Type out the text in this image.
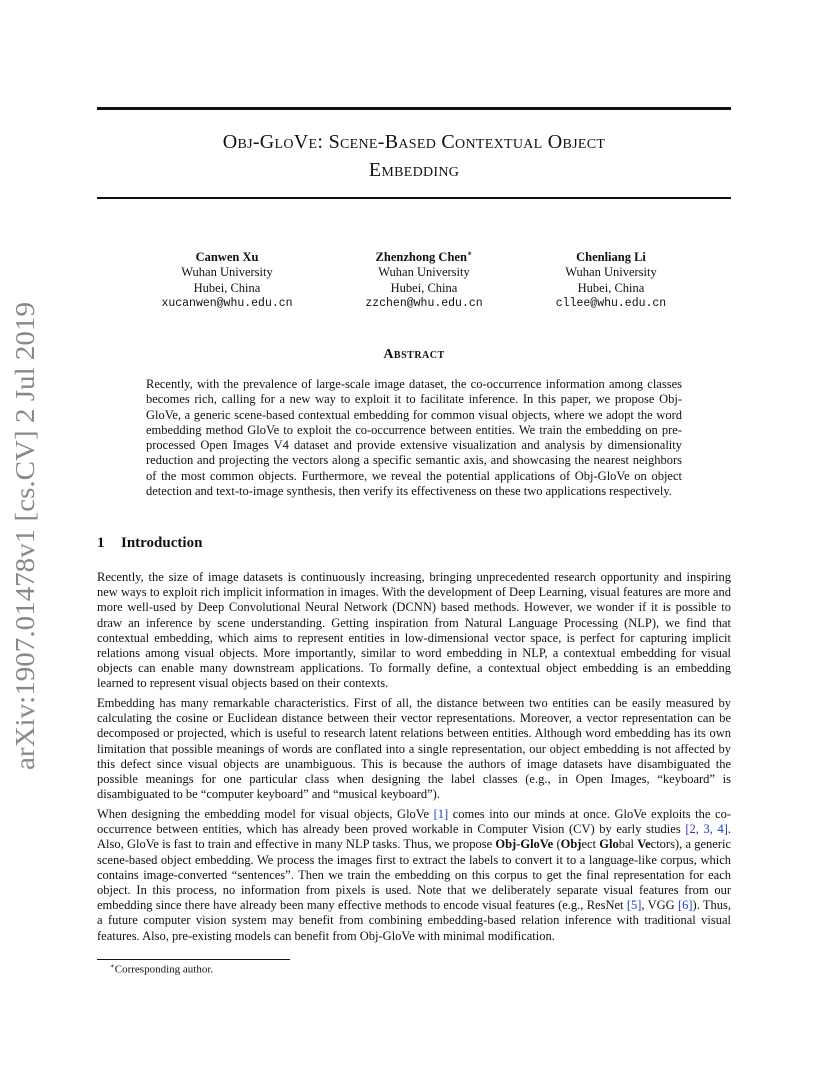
arXiv:1907.01478v1 [cs.CV] 2 Jul 2019
Obj-GloVe: Scene-Based Contextual Object
Embedding
Canwen Xu
Wuhan University
Hubei, China
xucanwen@whu.edu.cn
Zhenzhong Chen∗
Wuhan University
Hubei, China
zzchen@whu.edu.cn
Chenliang Li
Wuhan University
Hubei, China
cllee@whu.edu.cn
Abstract

Recently, with the prevalence of large-scale image dataset, the co-occurrence information among classes becomes rich, calling for a new way to exploit it to facilitate inference. In this paper, we propose Obj-GloVe, a generic scene-based contextual embedding for common visual objects, where we adopt the word embedding method GloVe to exploit the co-occurrence between entities. We train the embedding on pre-processed Open Images V4 dataset and provide extensive visualization and analysis by dimensionality reduction and projecting the vectors along a specific semantic axis, and showcasing the nearest neighbors of the most common objects. Furthermore, we reveal the potential applications of Obj-GloVe on object detection and text-to-image synthesis, then verify its effectiveness on these two applications respectively.

1 Introduction

Recently, the size of image datasets is continuously increasing, bringing unprecedented research opportunity and inspiring new ways to exploit rich implicit information in images. With the development of Deep Learning, visual features are more and more well-used by Deep Convolutional Neural Network (DCNN) based methods. However, we wonder if it is possible to draw an inference by scene understanding. Getting inspiration from Natural Language Processing (NLP), we find that contextual embedding, which aims to represent entities in low-dimensional vector space, is perfect for capturing implicit relations among visual objects. More importantly, similar to word embedding in NLP, a contextual embedding for visual objects can enable many downstream applications. To formally define, a contextual object embedding is an embedding learned to represent visual objects based on their contexts.

Embedding has many remarkable characteristics. First of all, the distance between two entities can be easily measured by calculating the cosine or Euclidean distance between their vector representations. Moreover, a vector representation can be decomposed or projected, which is useful to research latent relations between entities. Although word embedding has its own limitation that possible meanings of words are conflated into a single representation, our object embedding is not affected by this defect since visual objects are unambiguous. This is because the authors of image datasets have disambiguated the possible meanings for one particular class when designing the label classes (e.g., in Open Images, “keyboard” is disambiguated to be “computer keyboard” and “musical keyboard”).

When designing the embedding model for visual objects, GloVe [1] comes into our minds at once. GloVe exploits the co-occurrence between entities, which has already been proved workable in Computer Vision (CV) by early studies [2, 3, 4]. Also, GloVe is fast to train and effective in many NLP tasks. Thus, we propose Obj-GloVe (Object Global Vectors), a generic scene-based object embedding. We process the images first to extract the labels to convert it to a language-like corpus, which contains image-converted “sentences”. Then we train the embedding on this corpus to get the final representation for each object. In this process, no information from pixels is used. Note that we deliberately separate visual features from our embedding since there have already been many effective methods to encode visual features (e.g., ResNet [5], VGG [6]). Thus, a future computer vision system may benefit from combining embedding-based relation inference with traditional visual features. Also, pre-existing models can benefit from Obj-GloVe with minimal modification.

∗Corresponding author.
